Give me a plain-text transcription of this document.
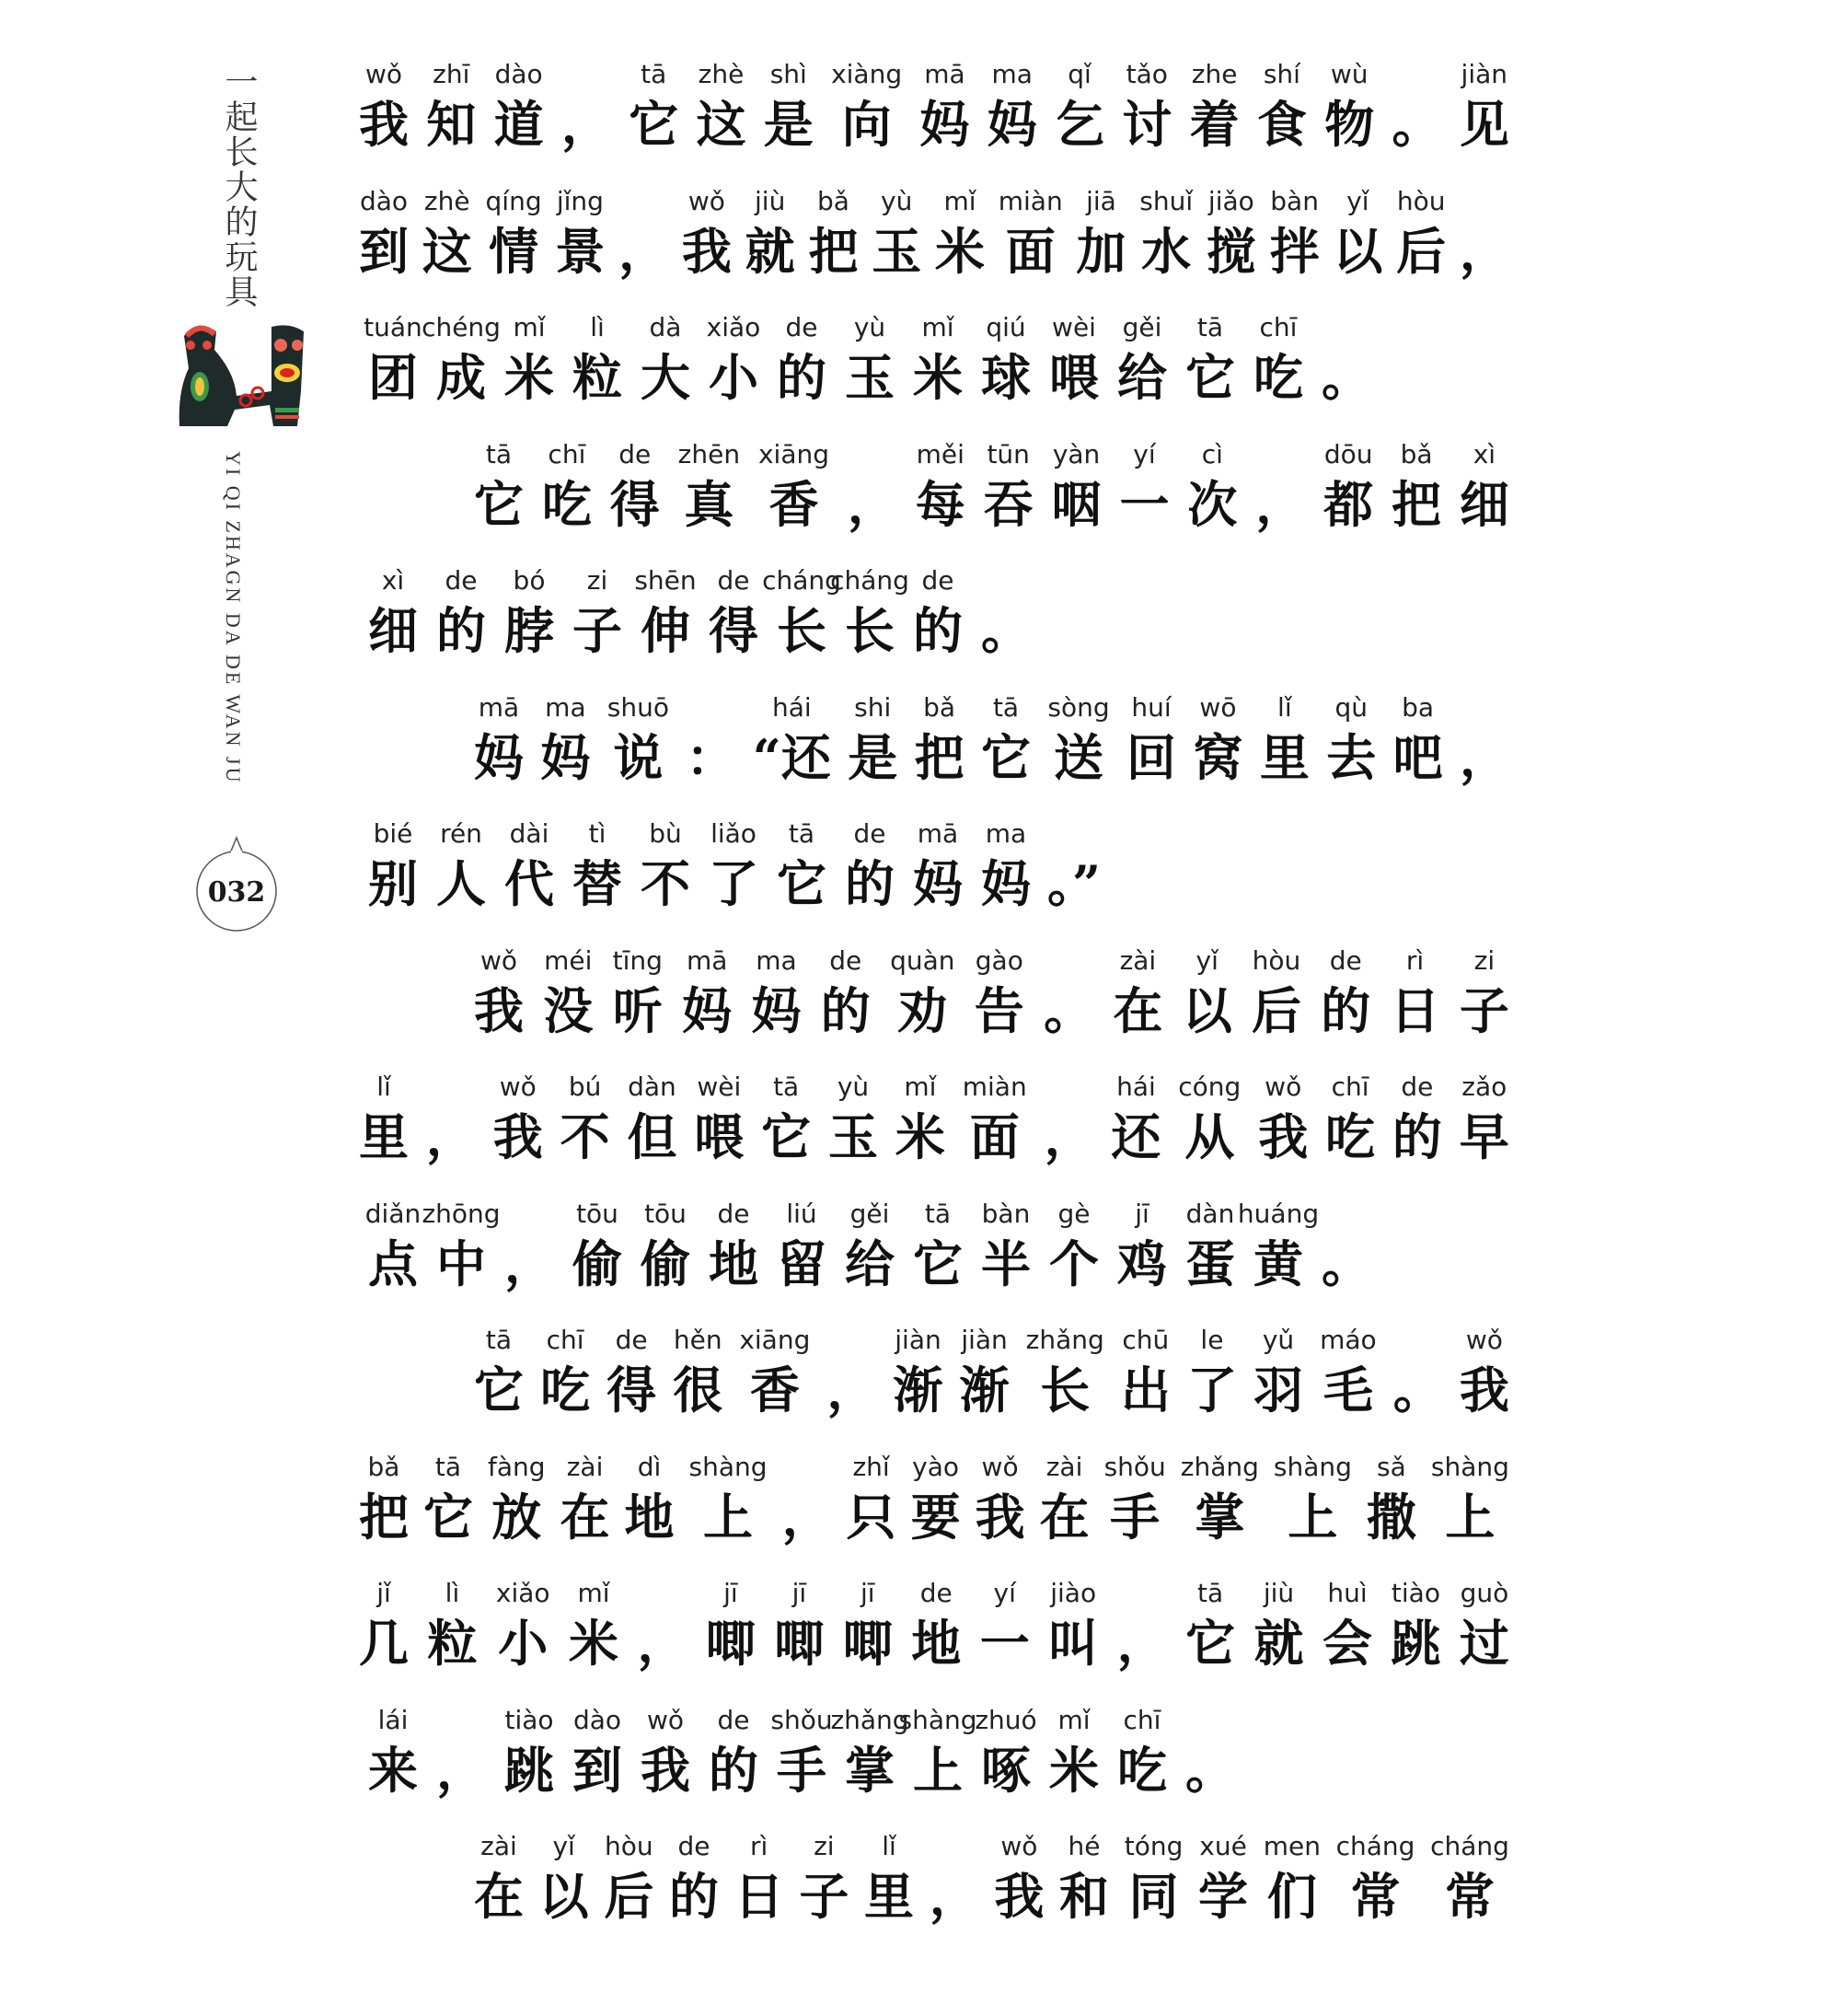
一起长大的玩具
YI QI ZHAGN DA DE WAN JU
032
wǒ
我
zhī
知
dào
道 ，
tā
它
zhè
这
shì
是
xiàng
向
mā
妈
ma
妈
qǐ
乞
tǎo
讨
zhe
着
shí
食
wù
物 。
jiàn
见
dào
到
zhè
这
qíng
情
jǐng
景 ，
wǒ
我
jiù
就
bǎ
把
yù
玉
mǐ
米
miàn
面
jiā
加
shuǐ
水
jiǎo
搅
bàn
拌
yǐ
以
hòu
后 ，
tuán
团
chéng
成
mǐ
米
lì
粒
dà
大
xiǎo
小
de
的
yù
玉
mǐ
米
qiú
球
wèi
喂
gěi
给
tā
它
chī
吃 。
tā
它
chī
吃
de
得
zhēn
真
xiāng
香 ，
měi
每
tūn
吞
yàn
咽
yí
一
cì
次 ，
dōu
都
bǎ
把
xì
细
xì
细
de
的
bó
脖
zi
子
shēn
伸
de
得
cháng
长
cháng
长
de
的 。
mā
妈
ma
妈
shuō
说 ：
hái
“还
shi
是
bǎ
把
tā
它
sòng
送
huí
回
wō
窝
lǐ
里
qù
去
ba
吧 ，
bié
别
rén
人
dài
代
tì
替
bù
不
liǎo
了
tā
它
de
的
mā
妈
ma
妈 。”
wǒ
我
méi
没
tīng
听
mā
妈
ma
妈
de
的
quàn
劝
gào
告 。
zài
在
yǐ
以
hòu
后
de
的
rì
日
zi
子
lǐ
里 ，
wǒ
我
bú
不
dàn
但
wèi
喂
tā
它
yù
玉
mǐ
米
miàn
面 ，
hái
还
cóng
从
wǒ
我
chī
吃
de
的
zǎo
早
diǎn
点
zhōng
中 ，
tōu
偷
tōu
偷
de
地
liú
留
gěi
给
tā
它
bàn
半
gè
个
jī
鸡
dàn
蛋
huáng
黄 。
tā
它
chī
吃
de
得
hěn
很
xiāng
香 ，
jiàn
渐
jiàn
渐
zhǎng
长
chū
出
le
了
yǔ
羽
máo
毛 。
wǒ
我
bǎ
把
tā
它
fàng
放
zài
在
dì
地
shàng
上 ，
zhǐ
只
yào
要
wǒ
我
zài
在
shǒu
手
zhǎng
掌
shàng
上
sǎ
撒
shàng
上
jǐ
几
lì
粒
xiǎo
小
mǐ
米 ，
jī
唧
jī
唧
jī
唧
de
地
yí
一
jiào
叫 ，
tā
它
jiù
就
huì
会
tiào
跳
guò
过
lái
来 ，
tiào
跳
dào
到
wǒ
我
de
的
shǒu
手
zhǎng
掌
shàng
上
zhuó
啄
mǐ
米
chī
吃 。
zài
在
yǐ
以
hòu
后
de
的
rì
日
zi
子
lǐ
里 ，
wǒ
我
hé
和
tóng
同
xué
学
men
们
cháng
常
cháng
常
